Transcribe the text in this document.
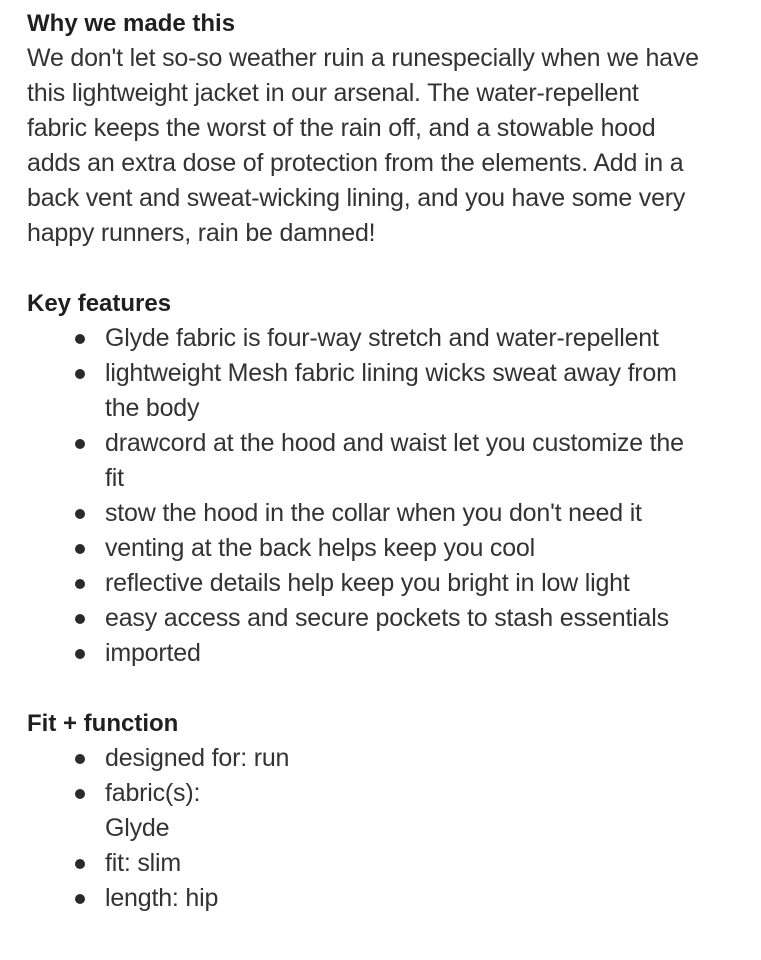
Why we made this

We don't let so-so weather ruin a runespecially when we have
this lightweight jacket in our arsenal. The water-repellent
fabric keeps the worst of the rain off, and a stowable hood
adds an extra dose of protection from the elements. Add in a
back vent and sweat-wicking lining, and you have some very
happy runners, rain be damned!

Key features
Glyde fabric is four-way stretch and water-repellent
lightweight Mesh fabric lining wicks sweat away from
the body
drawcord at the hood and waist let you customize the
fit
stow the hood in the collar when you don't need it
venting at the back helps keep you cool
reflective details help keep you bright in low light
easy access and secure pockets to stash essentials
imported
Fit + function
designed for: run
fabric(s):
Glyde
fit: slim
length: hip
